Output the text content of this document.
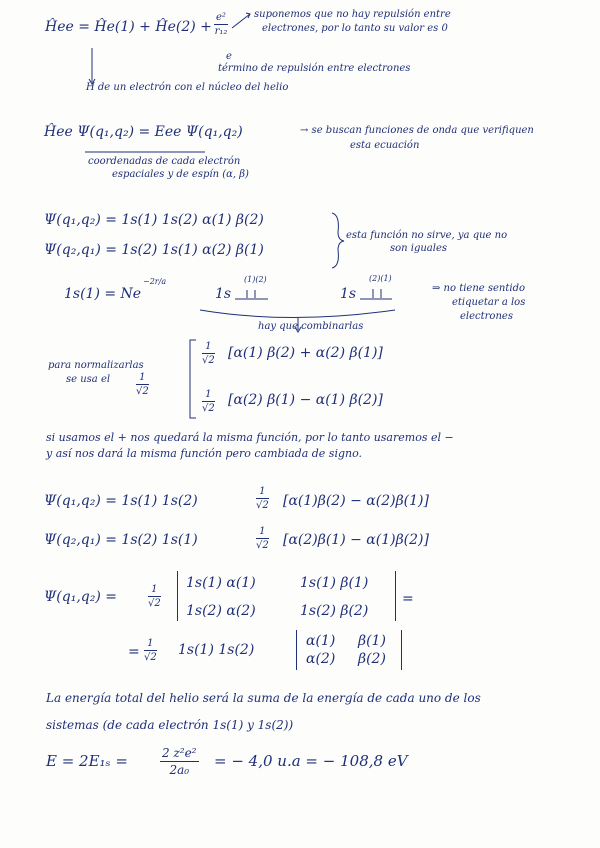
Ĥee = Ĥe(1) + Ĥe(2) + $\frac{\text{e²}}{\text{r₁₂}}$	suponemos que no hay repulsión entre
electrones, por lo tanto su valor es 0
e
término de repulsión entre electrones
H de un electrón con el núcleo del helio
Ĥee Ψ(q₁,q₂) = Eee Ψ(q₁,q₂)	→ se buscan funciones de onda que verifiquen
esta ecuación
coordenadas de cada electrón
espaciales y de espín (α, β)
Ψ(q₁,q₂) = 1s(1) 1s(2) α(1) β(2)
Ψ(q₂,q₁) = 1s(2) 1s(1) α(2) β(1)
esta función no sirve, ya que no
son iguales
1s(1) = Ne
−2r/a	(1)(2)
1s
(2)(1)
1s	⇒ no tiene sentido
etiquetar a los
electrones
hay que combinarlas
para normalizarlas
se usa el	$\frac{1}{√2}$
$\frac{1}{√2} [\alpha(1) \beta(2) + \alpha(2)$ β(1)]
$\frac{1}{√2} [\alpha(2) \beta(1) - \alpha(1)$ β(2)]
si usamos el + nos quedará la misma función, por lo tanto usaremos el −
y así nos dará la misma función pero cambiada de signo.
Ψ(q₁,q₂) = 1s(1) 1s(2)	$\frac{1}{√2} [\alpha(1)\beta(2) - \alpha(2)\beta(1)]$
Ψ(q₂,q₁) = 1s(2) 1s(1)	$\frac{1}{√2} [\alpha(2)\beta(1) - \alpha(1)\beta(2)]$
Ψ(q₁,q₂) =	$\frac{1}{√2}$
1s(1) α(1)	1s(1) β(1)
1s(2) α(2)	1s(2) β(2)
=
= $\frac{1}{√2} 1s(1)$ 1s(2)
α(1) β(1)
α(2) β(2)
La energía total del helio será la suma de la energía de cada uno de los
sistemas (de cada electrón 1s(1) y 1s(2))
E = 2E₁ₛ =	$\frac{\text{2 z²e²}}{\text{2a₀}}$ = − 4,0 u.a = − 108,8 eV
